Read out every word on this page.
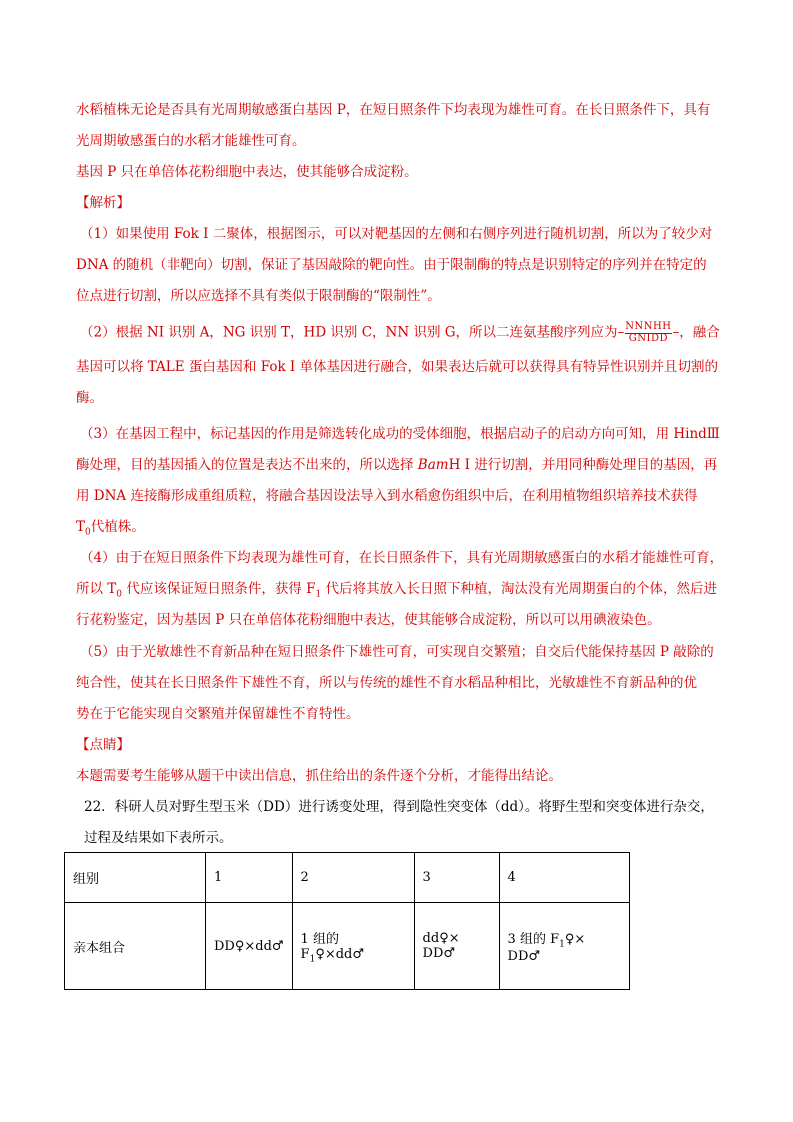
水稻植株无论是否具有光周期敏感蛋白基因 P，在短日照条件下均表现为雄性可育。在长日照条件下，具有
光周期敏感蛋白的水稻才能雄性可育。
基因 P 只在单倍体花粉细胞中表达，使其能够合成淀粉。
【解析】
（1）如果使用 Fok Ⅰ 二聚体，根据图示，可以对靶基因的左侧和右侧序列进行随机切割，所以为了较少对
DNA 的随机（非靶向）切割，保证了基因敲除的靶向性。由于限制酶的特点是识别特定的序列并在特定的
位点进行切割，所以应选择不具有类似于限制酶的“限制性”。
（2）根据 NI 识别 A，NG 识别 T，HD 识别 C，NN 识别 G，所以二连氨基酸序列应为– NNNHH
GNIDD –，融合
基因可以将 TALE 蛋白基因和 Fok Ⅰ 单体基因进行融合，如果表达后就可以获得具有特异性识别并且切割的
酶。
（3）在基因工程中，标记基因的作用是筛选转化成功的受体细胞，根据启动子的启动方向可知，用 HindⅢ
酶处理，目的基因插入的位置是表达不出来的，所以选择 BamH Ⅰ 进行切割，并用同种酶处理目的基因，再
用 DNA 连接酶形成重组质粒，将融合基因设法导入到水稻愈伤组织中后，在利用植物组织培养技术获得
$T_0$代植株。
（4）由于在短日照条件下均表现为雄性可育，在长日照条件下，具有光周期敏感蛋白的水稻才能雄性可育，
所以 $T_0$ 代应该保证短日照条件，获得 $F_1$ 代后将其放入长日照下种植，淘汰没有光周期蛋白的个体，然后进
行花粉鉴定，因为基因 P 只在单倍体花粉细胞中表达，使其能够合成淀粉，所以可以用碘液染色。
（5）由于光敏雄性不育新品种在短日照条件下雄性可育，可实现自交繁殖；自交后代能保持基因 P 敲除的
纯合性，使其在长日照条件下雄性不育，所以与传统的雄性不育水稻品种相比，光敏雄性不育新品种的优
势在于它能实现自交繁殖并保留雄性不育特性。
【点睛】
本题需要考生能够从题干中读出信息，抓住给出的条件逐个分析，才能得出结论。
22．科研人员对野生型玉米（DD）进行诱变处理，得到隐性突变体（dd）。将野生型和突变体进行杂交，
过程及结果如下表所示。
组别	1	2	3	4
亲本组合	DD♀×dd♂	1 组的 $F_1♀\times dd♂$	dd♀× DD♂	3 组的 $F_1♀\times$ DD♂
